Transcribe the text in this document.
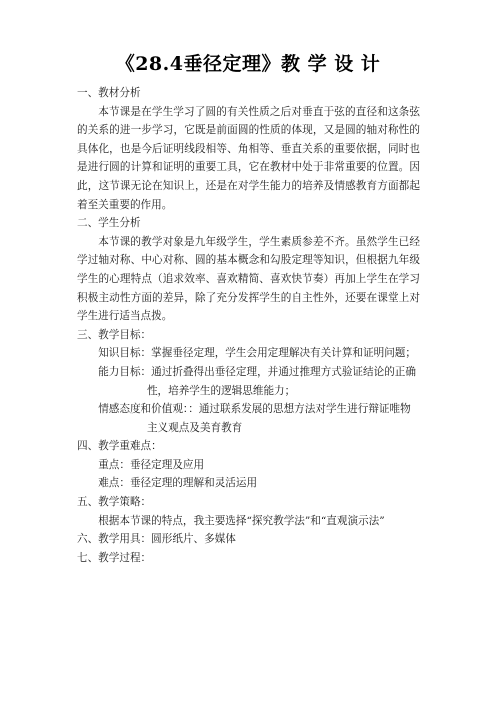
《28.4垂径定理》教 学 设 计

一、教材分析

本节课是在学生学习了圆的有关性质之后对垂直于弦的直径和这条弦的关系的进一步学习，它既是前面圆的性质的体现，又是圆的轴对称性的具体化，也是今后证明线段相等、角相等、垂直关系的重要依据，同时也是进行圆的计算和证明的重要工具，它在教材中处于非常重要的位置。因此，这节课无论在知识上，还是在对学生能力的培养及情感教育方面都起着至关重要的作用。

二、学生分析

本节课的教学对象是九年级学生，学生素质参差不齐。虽然学生已经学过轴对称、中心对称、圆的基本概念和勾股定理等知识，但根据九年级学生的心理特点（追求效率、喜欢精简、喜欢快节奏）再加上学生在学习积极主动性方面的差异，除了充分发挥学生的自主性外，还要在课堂上对学生进行适当点拨。

三、教学目标：

知识目标：掌握垂径定理，学生会用定理解决有关计算和证明问题；

能力目标：通过折叠得出垂径定理，并通过推理方式验证结论的正确性，培养学生的逻辑思维能力；

情感态度和价值观：：通过联系发展的思想方法对学生进行辩证唯物主义观点及美育教育

四、教学重难点：

重点：垂径定理及应用

难点：垂径定理的理解和灵活运用

五、教学策略：

根据本节课的特点，我主要选择“探究教学法”和“直观演示法”

六、教学用具：圆形纸片、多媒体

七、教学过程：
